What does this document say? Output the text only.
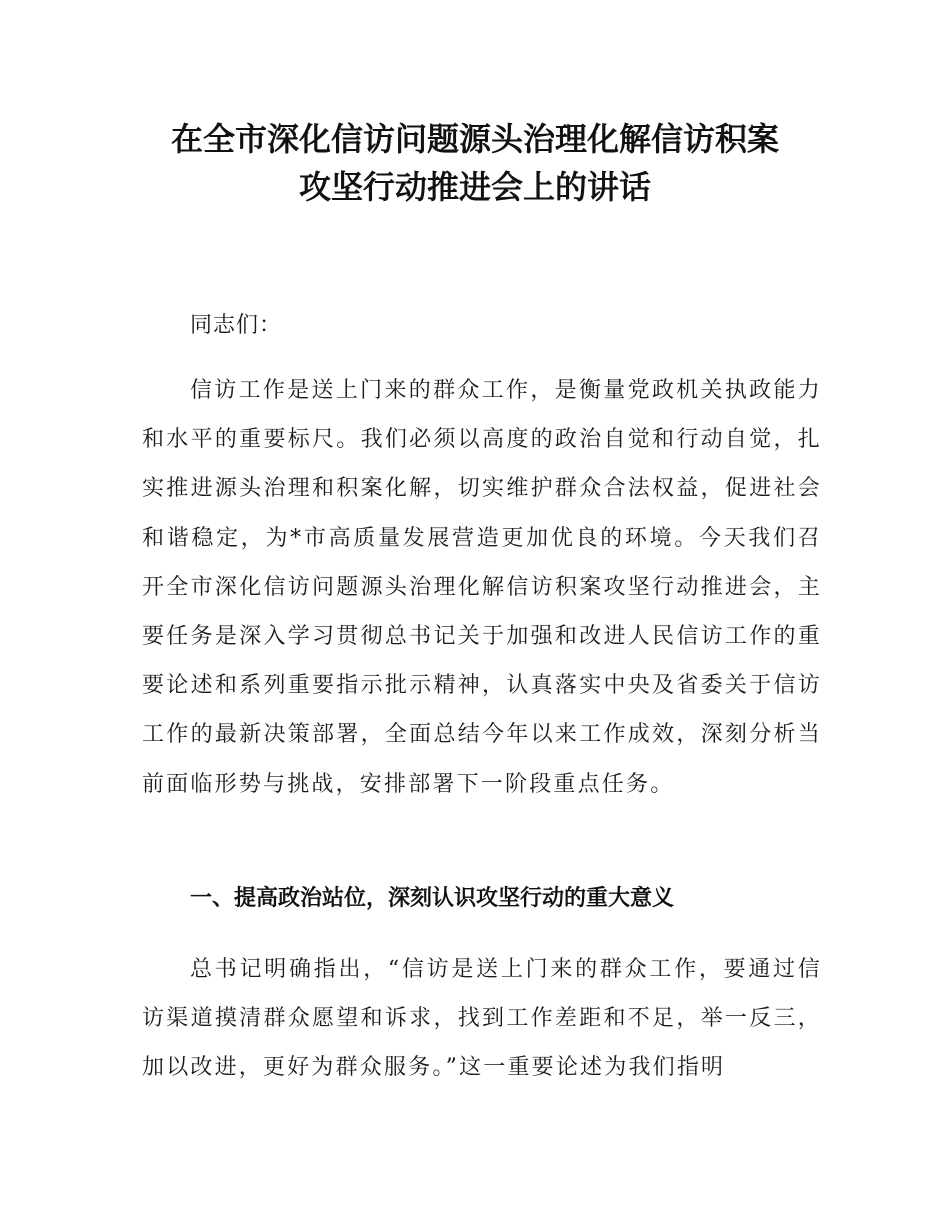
在全市深化信访问题源头治理化解信访积案
攻坚行动推进会上的讲话
同志们：

信访工作是送上门来的群众工作，是衡量党政机关执政能力和水平的重要标尺。我们必须以高度的政治自觉和行动自觉，扎实推进源头治理和积案化解，切实维护群众合法权益，促进社会和谐稳定，为*市高质量发展营造更加优良的环境。今天我们召开全市深化信访问题源头治理化解信访积案攻坚行动推进会，主要任务是深入学习贯彻总书记关于加强和改进人民信访工作的重要论述和系列重要指示批示精神，认真落实中央及省委关于信访工作的最新决策部署，全面总结今年以来工作成效，深刻分析当前面临形势与挑战，安排部署下一阶段重点任务。

一、提高政治站位，深刻认识攻坚行动的重大意义

总书记明确指出，“信访是送上门来的群众工作，要通过信访渠道摸清群众愿望和诉求，找到工作差距和不足，举一反三，加以改进，更好为群众服务。”这一重要论述为我们指明
